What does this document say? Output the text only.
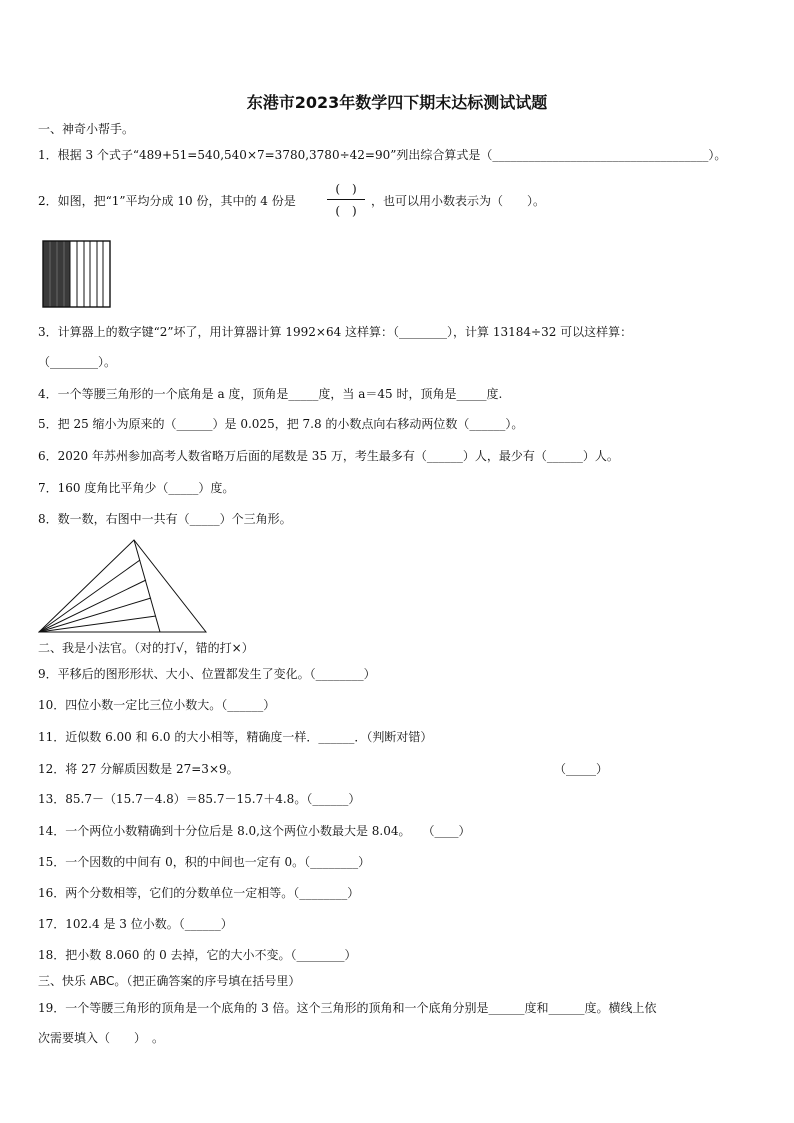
东港市2023年数学四下期末达标测试试题
一、神奇小帮手。
1．根据 3 个式子“489+51=540,540×7=3780,3780÷42=90”列出综合算式是（____________________________________）。
2．如图，把“1”平均分成 10 份，其中的 4 份是
(　)
(　)
，也可以用小数表示为（　　）。
3．计算器上的数字键“2”坏了，用计算器计算 1992×64 这样算：（________），计算 13184÷32 可以这样算：
（________）。
4．一个等腰三角形的一个底角是 a 度，顶角是_____度，当 a＝45 时，顶角是_____度.
5．把 25 缩小为原来的（______）是 0.025，把 7.8 的小数点向右移动两位数（______）。
6．2020 年苏州参加高考人数省略万后面的尾数是 35 万，考生最多有（______）人，最少有（______）人。
7．160 度角比平角少（_____）度。
8．数一数，右图中一共有（_____）个三角形。
二、我是小法官。（对的打√，错的打×）
9．平移后的图形形状、大小、位置都发生了变化。（________）
10．四位小数一定比三位小数大。（______）
11．近似数 6.00 和 6.0 的大小相等，精确度一样．______．（判断对错）
12．将 27 分解质因数是 27=3×9。	（_____）
13．85.7－（15.7－4.8）＝85.7－15.7＋4.8。（______）
14．一个两位小数精确到十分位后是 8.0,这个两位小数最大是 8.04。　　（____）
15．一个因数的中间有 0，积的中间也一定有 0。（________）
16．两个分数相等，它们的分数单位一定相等。（________）
17．102.4 是 3 位小数。（______）
18．把小数 8.060 的 0 去掉，它的大小不变。（________）
三、快乐 ABC。（把正确答案的序号填在括号里）
19．一个等腰三角形的顶角是一个底角的 3 倍。这个三角形的顶角和一个底角分别是______度和______度。横线上依
次需要填入（　　）　。
